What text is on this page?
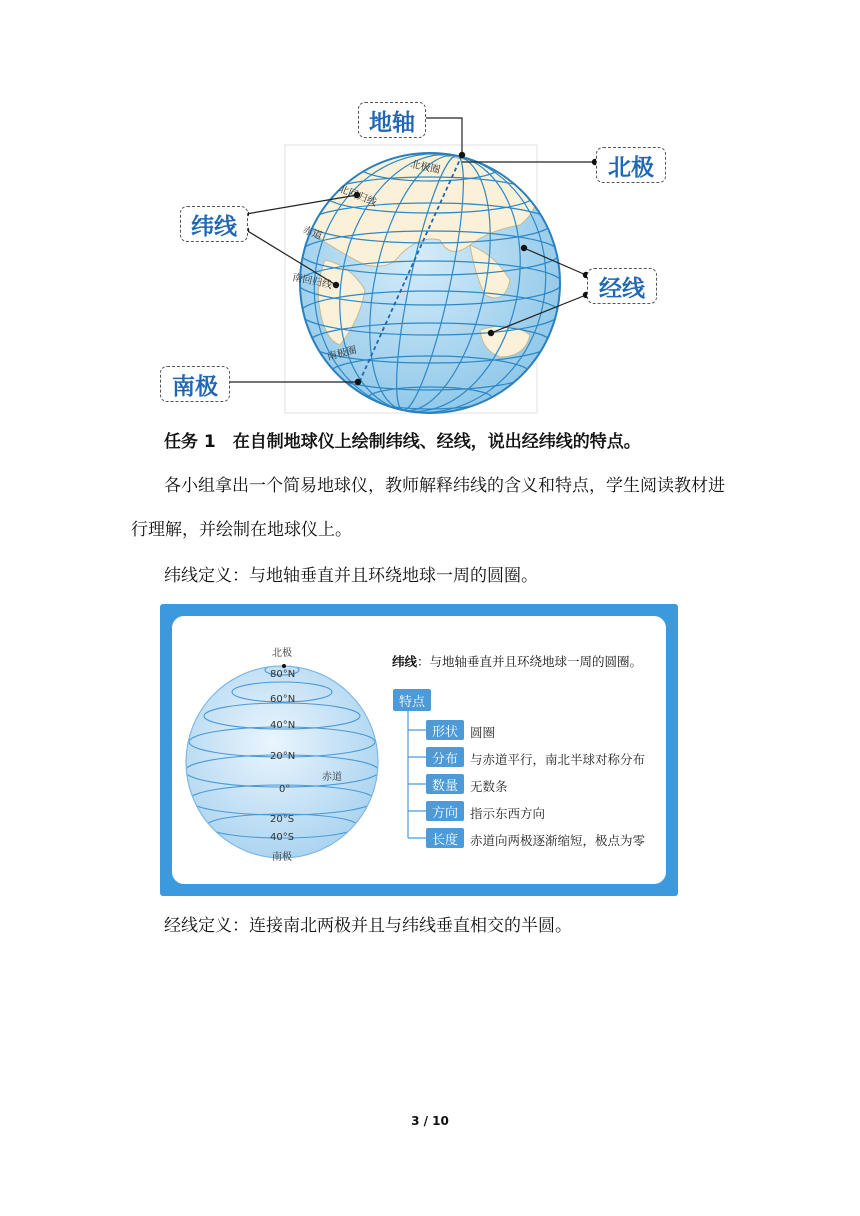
北极圈
赤道
南回归线
南极圈
地轴
北极
纬线
经线
南极
任务 1　在自制地球仪上绘制纬线、经线，说出经纬线的特点。
各小组拿出一个简易地球仪，教师解释纬线的含义和特点，学生阅读教材进
行理解，并绘制在地球仪上。
纬线定义：与地轴垂直并且环绕地球一周的圆圈。
北极
80°N
60°N
40°N
20°N
0°
赤道
20°S
40°S
南极
纬线：与地轴垂直并且环绕地球一周的圆圈。
特点
形状 圆圈
分布 与赤道平行，南北半球对称分布
数量 无数条
方向 指示东西方向
长度 赤道向两极逐渐缩短，极点为零
经线定义：连接南北两极并且与纬线垂直相交的半圆。
3 / 10
